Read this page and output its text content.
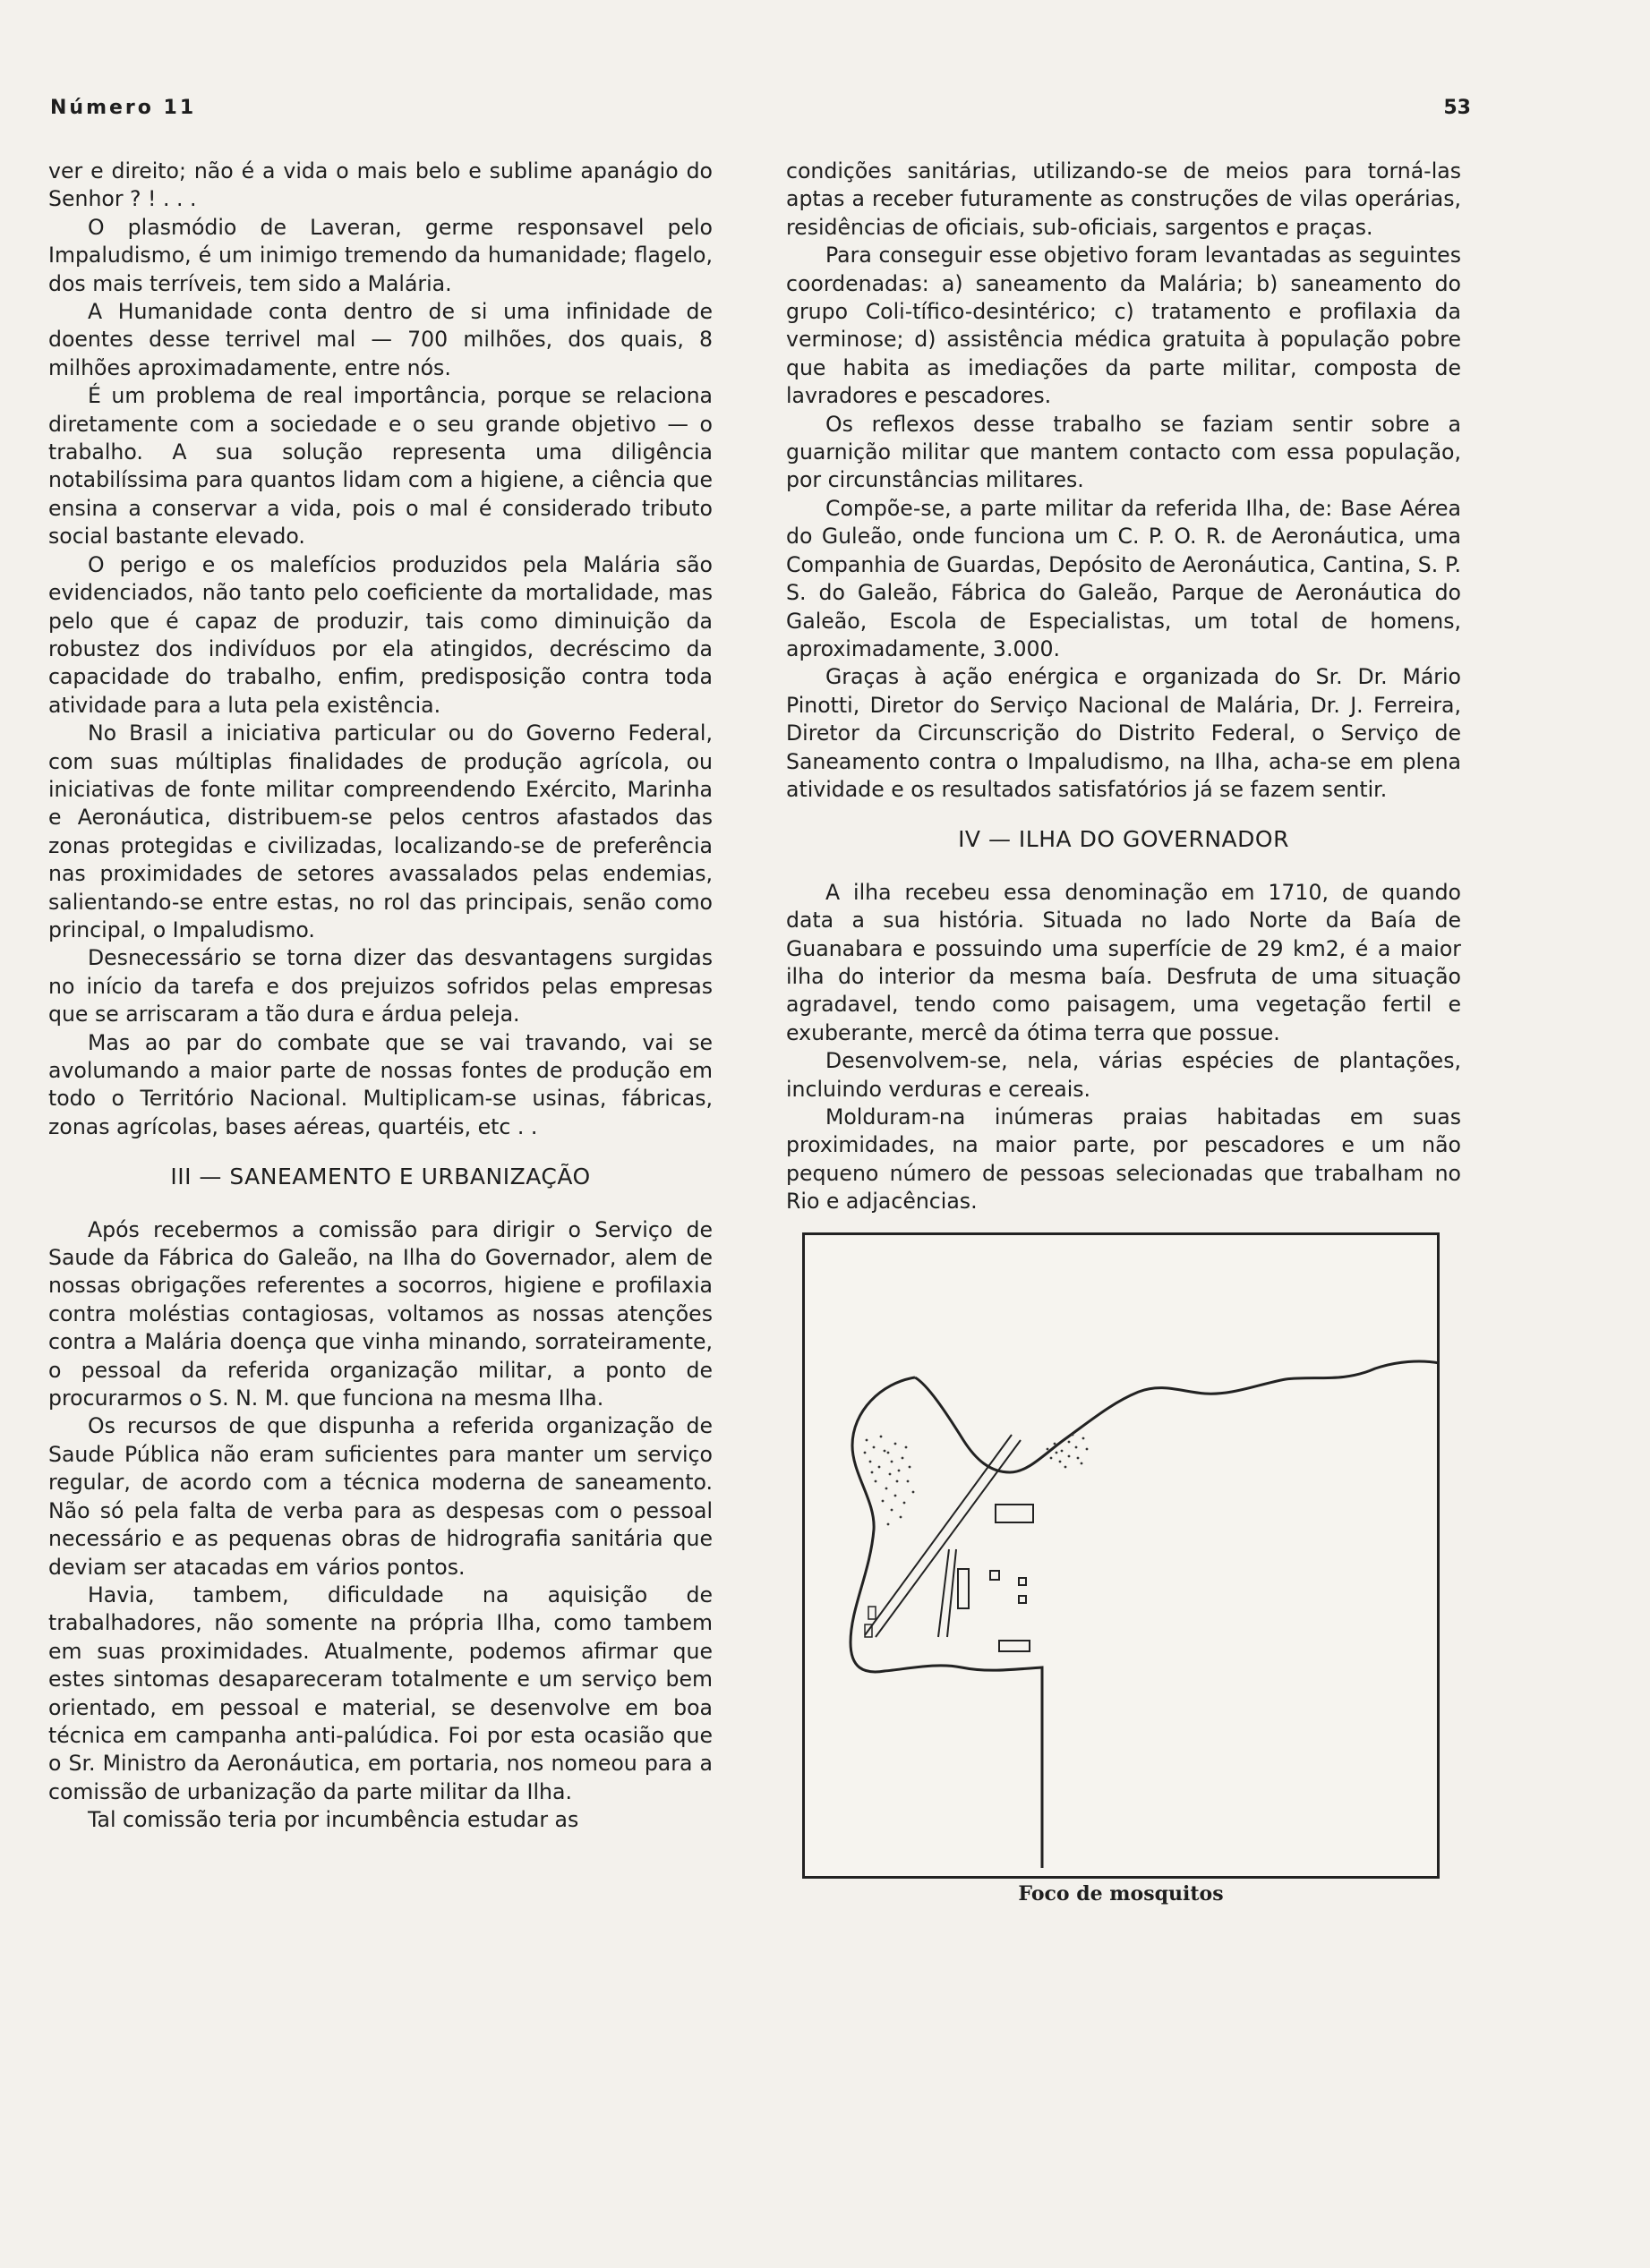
Número 11	53

ver e direito; não é a vida o mais belo e sublime apanágio do Senhor ? ! . . .

O plasmódio de Laveran, germe responsavel pelo Impaludismo, é um inimigo tremendo da humanidade; flagelo, dos mais terríveis, tem sido a Malária.

A Humanidade conta dentro de si uma infinidade de doentes desse terrivel mal — 700 milhões, dos quais, 8 milhões aproximadamente, entre nós.

É um problema de real importância, porque se relaciona diretamente com a sociedade e o seu grande objetivo — o trabalho. A sua solução representa uma diligência notabilíssima para quantos lidam com a higiene, a ciência que ensina a conservar a vida, pois o mal é considerado tributo social bastante elevado.

O perigo e os malefícios produzidos pela Malária são evidenciados, não tanto pelo coeficiente da mortalidade, mas pelo que é capaz de produzir, tais como diminuição da robustez dos indivíduos por ela atingidos, decréscimo da capacidade do trabalho, enfim, predisposição contra toda atividade para a luta pela existência.

No Brasil a iniciativa particular ou do Governo Federal, com suas múltiplas finalidades de produção agrícola, ou iniciativas de fonte militar compreendendo Exército, Marinha e Aeronáutica, distribuem-se pelos centros afastados das zonas protegidas e civilizadas, localizando-se de preferência nas proximidades de setores avassalados pelas endemias, salientando-se entre estas, no rol das principais, senão como principal, o Impaludismo.

Desnecessário se torna dizer das desvantagens surgidas no início da tarefa e dos prejuizos sofridos pelas empresas que se arriscaram a tão dura e árdua peleja.

Mas ao par do combate que se vai travando, vai se avolumando a maior parte de nossas fontes de produção em todo o Território Nacional. Multiplicam-se usinas, fábricas, zonas agrícolas, bases aéreas, quartéis, etc . .

III — SANEAMENTO E URBANIZAÇÃO

Após recebermos a comissão para dirigir o Serviço de Saude da Fábrica do Galeão, na Ilha do Governador, alem de nossas obrigações referentes a socorros, higiene e profilaxia contra moléstias contagiosas, voltamos as nossas atenções contra a Malária doença que vinha minando, sorrateiramente, o pessoal da referida organização militar, a ponto de procurarmos o S. N. M. que funciona na mesma Ilha.

Os recursos de que dispunha a referida organização de Saude Pública não eram suficientes para manter um serviço regular, de acordo com a técnica moderna de saneamento. Não só pela falta de verba para as despesas com o pessoal necessário e as pequenas obras de hidrografia sanitária que deviam ser atacadas em vários pontos.

Havia, tambem, dificuldade na aquisição de trabalhadores, não somente na própria Ilha, como tambem em suas proximidades. Atualmente, podemos afirmar que estes sintomas desapareceram totalmente e um serviço bem orientado, em pessoal e material, se desenvolve em boa técnica em campanha anti-palúdica. Foi por esta ocasião que o Sr. Ministro da Aeronáutica, em portaria, nos nomeou para a comissão de urbanização da parte militar da Ilha.

Tal comissão teria por incumbência estudar as

condições sanitárias, utilizando-se de meios para torná-las aptas a receber futuramente as construções de vilas operárias, residências de oficiais, sub-oficiais, sargentos e praças.

Para conseguir esse objetivo foram levantadas as seguintes coordenadas: a) saneamento da Malária; b) saneamento do grupo Coli-tífico-desintérico; c) tratamento e profilaxia da verminose; d) assistência médica gratuita à população pobre que habita as imediações da parte militar, composta de lavradores e pescadores.

Os reflexos desse trabalho se faziam sentir sobre a guarnição militar que mantem contacto com essa população, por circunstâncias militares.

Compõe-se, a parte militar da referida Ilha, de: Base Aérea do Guleão, onde funciona um C. P. O. R. de Aeronáutica, uma Companhia de Guardas, Depósito de Aeronáutica, Cantina, S. P. S. do Galeão, Fábrica do Galeão, Parque de Aeronáutica do Galeão, Escola de Especialistas, um total de homens, aproximadamente, 3.000.

Graças à ação enérgica e organizada do Sr. Dr. Mário Pinotti, Diretor do Serviço Nacional de Malária, Dr. J. Ferreira, Diretor da Circunscrição do Distrito Federal, o Serviço de Saneamento contra o Impaludismo, na Ilha, acha-se em plena atividade e os resultados satisfatórios já se fazem sentir.

IV — ILHA DO GOVERNADOR

A ilha recebeu essa denominação em 1710, de quando data a sua história. Situada no lado Norte da Baía de Guanabara e possuindo uma superfície de 29 km2, é a maior ilha do interior da mesma baía. Desfruta de uma situação agradavel, tendo como paisagem, uma vegetação fertil e exuberante, mercê da ótima terra que possue.

Desenvolvem-se, nela, várias espécies de plantações, incluindo verduras e cereais.

Molduram-na inúmeras praias habitadas em suas proximidades, na maior parte, por pescadores e um não pequeno número de pessoas selecionadas que trabalham no Rio e adjacências.

Foco de mosquitos
